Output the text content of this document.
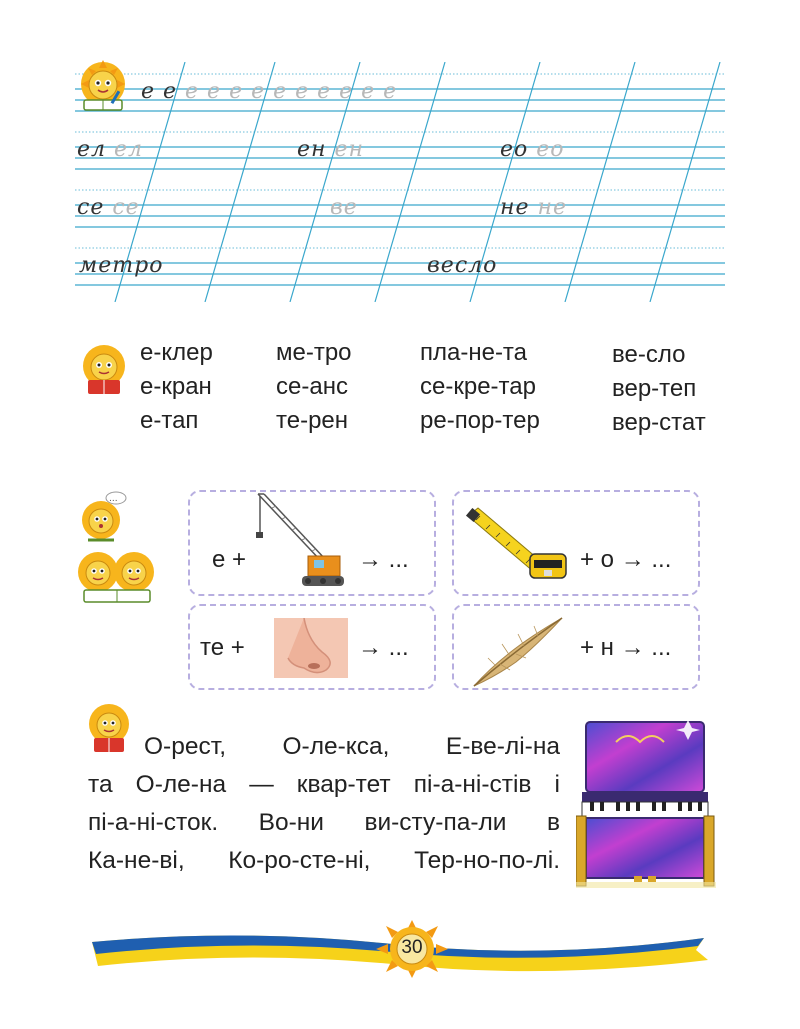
е е е е е е е е е е е е
ел ел	ен ен	ео ео
се се	ве	не не
метро	весло
е-клер
е-кран
е-тап
ме-тро
се-анс
те-рен
пла-не-та
се-кре-тар
ре-пор-тер
ве-сло
вер-теп
вер-стат
...
е +	→ ...	+ о → ...
те +	→ ...	+ н → ...
О-рест, О-ле-кса, Е-ве-лі-на
та О-ле-на — квар-тет пі-а-ні-стів і
пі-а-ні-сток. Во-ни ви-сту-па-ли в
Ка-не-ві, Ко-ро-сте-ні, Тер-но-по-лі.
30
